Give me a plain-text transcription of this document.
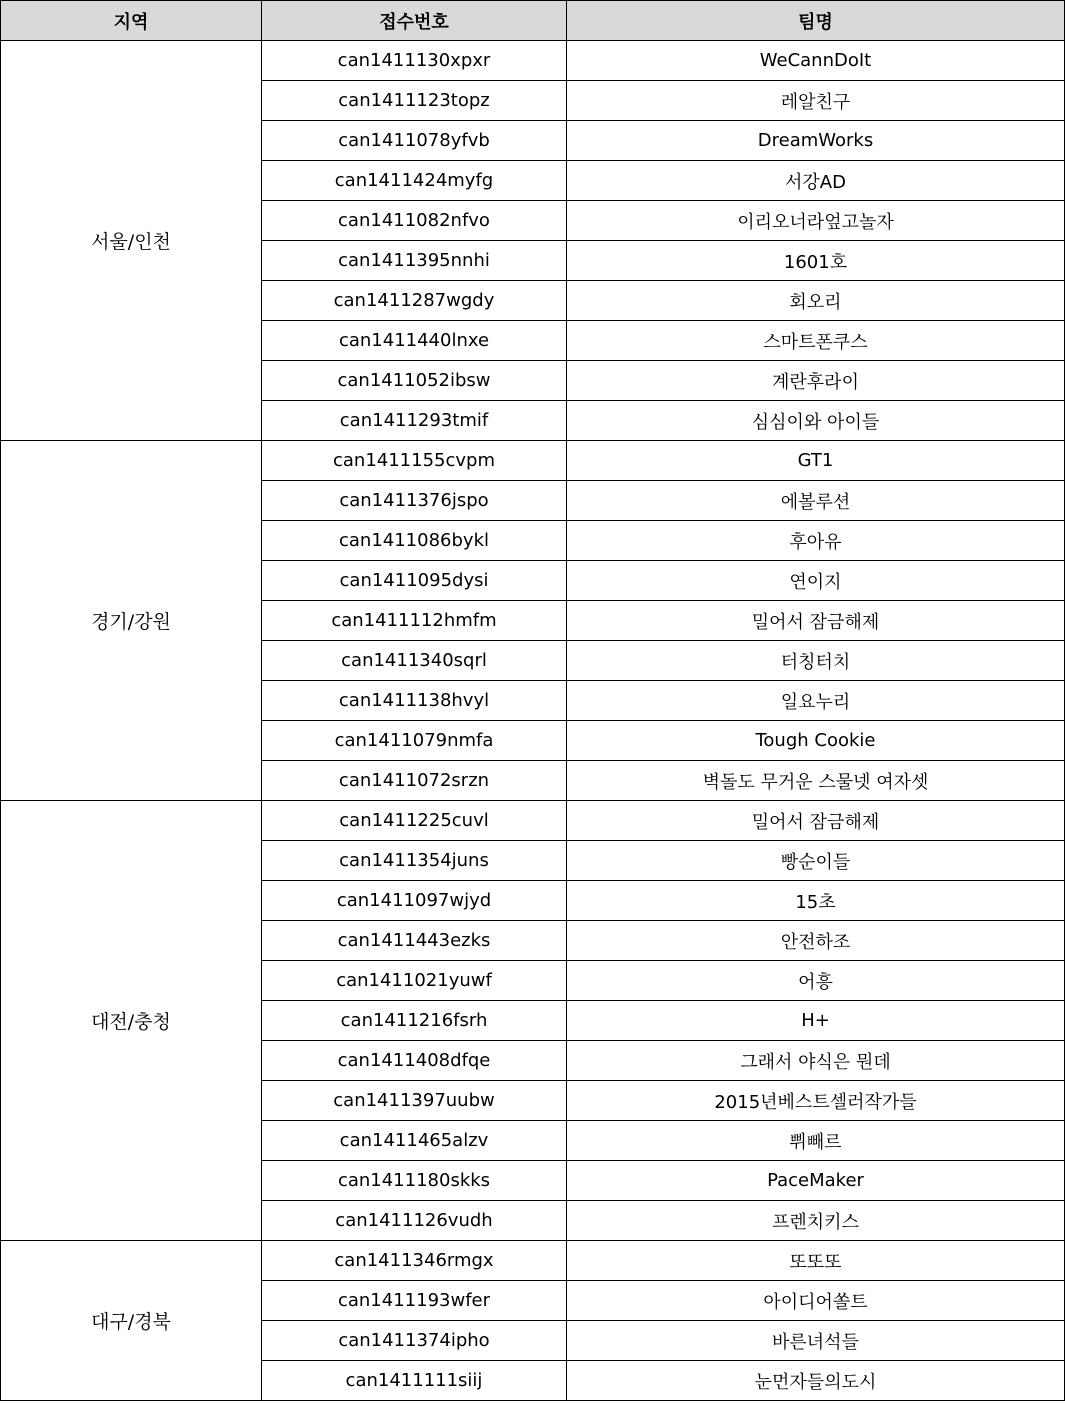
지역	접수번호	팀명
서울/인천	can1411130xpxr	WeCannDoIt
	can1411123topz	레알친구
	can1411078yfvb	DreamWorks
	can1411424myfg	서강AD
	can1411082nfvo	이리오너라엎고놀자
	can1411395nnhi	1601호
	can1411287wgdy	회오리
	can1411440lnxe	스마트폰쿠스
	can1411052ibsw	계란후라이
	can1411293tmif	심심이와 아이들
경기/강원	can1411155cvpm	GT1
	can1411376jspo	에볼루션
	can1411086bykl	후아유
	can1411095dysi	연이지
	can1411112hmfm	밀어서 잠금해제
	can1411340sqrl	터칭터치
	can1411138hvyl	일요누리
	can1411079nmfa	Tough Cookie
	can1411072srzn	벽돌도 무거운 스물넷 여자셋
대전/충청	can1411225cuvl	밀어서 잠금해제
	can1411354juns	빵순이들
	can1411097wjyd	15초
	can1411443ezks	안전하조
	can1411021yuwf	어흥
	can1411216fsrh	H+
	can1411408dfqe	그래서 야식은 뭔데
	can1411397uubw	2015년베스트셀러작가들
	can1411465alzv	쀠빼르
	can1411180skks	PaceMaker
	can1411126vudh	프렌치키스
대구/경북	can1411346rmgx	또또또
	can1411193wfer	아이디어쏠트
	can1411374ipho	바른녀석들
	can1411111siij	눈먼자들의도시
